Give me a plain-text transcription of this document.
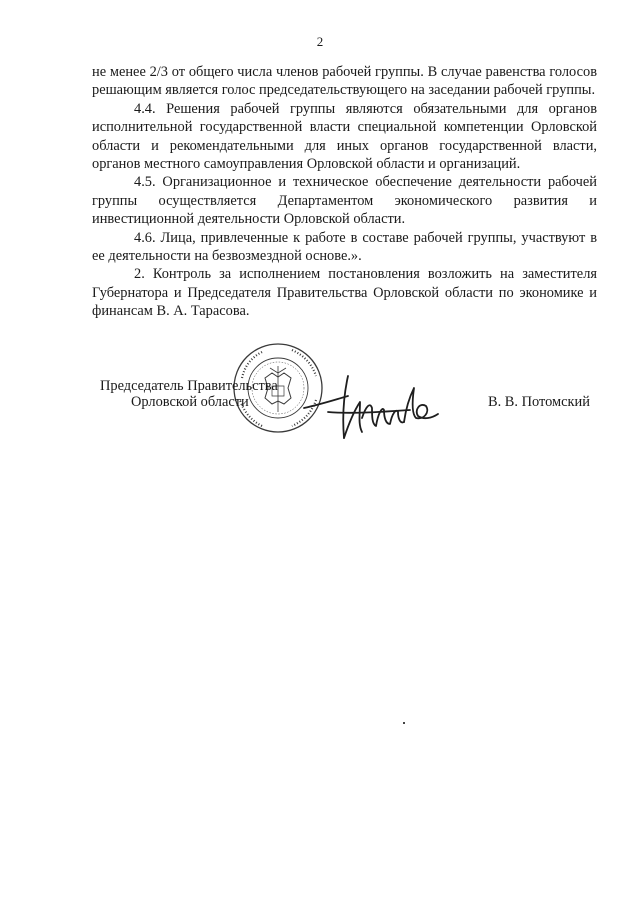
2

не менее 2/3 от общего числа членов рабочей группы. В случае равенства голосов решающим является голос председательствующего на заседании рабочей группы.

4.4. Решения рабочей группы являются обязательными для органов исполнительной государственной власти специальной компетенции Орловской области и рекомендательными для иных органов государственной власти, органов местного самоуправления Орловской области и организаций.

4.5. Организационное и техническое обеспечение деятельности рабочей группы осуществляется Департаментом экономического развития и инвестиционной деятельности Орловской области.

4.6. Лица, привлеченные к работе в составе рабочей группы, участвуют в ее деятельности на безвозмездной основе.».

2. Контроль за исполнением постановления возложить на заместителя Губернатора и Председателя Правительства Орловской области по экономике и финансам В. А. Тарасова.

Председатель Правительства
Орловской области	В. В. Потомский
